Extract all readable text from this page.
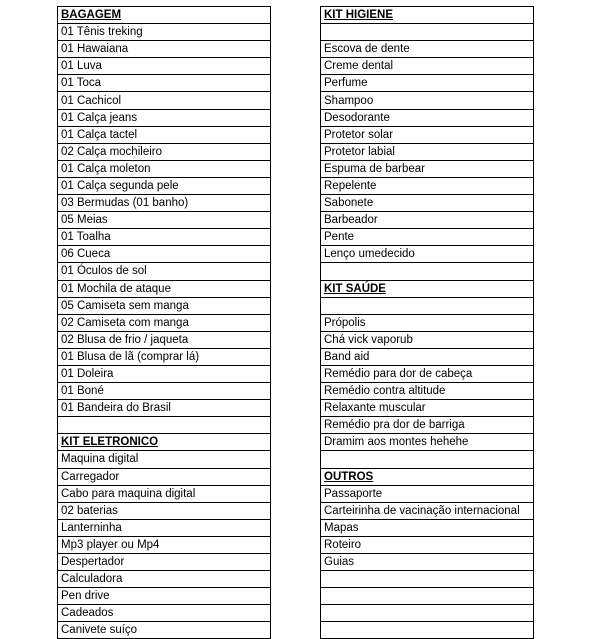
BAGAGEM
01 Tênis treking
01 Hawaiana
01 Luva
01 Toca
01 Cachicol
01 Calça jeans
01 Calça tactel
02 Calça mochileiro
01 Calça moleton
01 Calça segunda pele
03 Bermudas (01 banho)
05 Meias
01 Toalha
06 Cueca
01 Óculos de sol
01 Mochila de ataque
05 Camiseta sem manga
02 Camiseta com manga
02 Blusa de frio / jaqueta
01 Blusa de lã (comprar lá)
01 Doleira
01 Boné
01 Bandeira do Brasil

KIT ELETRONICO
Maquina digital
Carregador
Cabo para maquina digital
02 baterias
Lanterninha
Mp3 player ou Mp4
Despertador
Calculadora
Pen drive
Cadeados
Canivete suíço
KIT HIGIENE

Escova de dente
Creme dental
Perfume
Shampoo
Desodorante
Protetor solar
Protetor labial
Espuma de barbear
Repelente
Sabonete
Barbeador
Pente
Lenço umedecido

KIT SAÚDE

Própolis
Chá vick vaporub
Band aid
Remédio para dor de cabeça
Remédio contra altitude
Relaxante muscular
Remédio pra dor de barriga
Dramim aos montes hehehe

OUTROS
Passaporte
Carteirinha de vacinação internacional
Mapas
Roteiro
Guias
